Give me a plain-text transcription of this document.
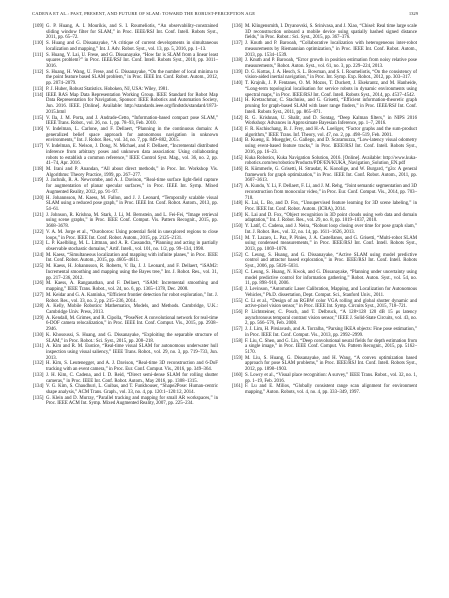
CADENA ET AL.: PAST, PRESENT, AND FUTURE OF SLAM: TOWARD THE ROBUST-PERCEPTION AGE	1329
[109] G. P. Huang, A. I. Mourikis, and S. I. Roumeliotis, “An observability-constrained sliding window filter for SLAM,” in Proc. IEEE/RSJ Int. Conf. Intell. Robots Syst., 2011, pp. 65–72.
[110] S. Huang and G. Dissanayake, “A critique of current developments in simultaneous localization and mapping,” Int. J. Adv. Robot. Syst., vol. 13, pp. 5, 2016, pp. 1–13.
[111] S. Huang, Y. Lai, U. Frese, and G. Dissanayake, “How far is SLAM from a linear least squares problem?” in Proc. IEEE/RSJ Int. Conf. Intell. Robots Syst., 2010, pp. 3011–3016.
[112] S. Huang, H. Wang, U. Frese, and G. Dissanayake, “On the number of local minima to the point feature based SLAM problem,” in Proc. IEEE Int. Conf. Robot. Autom., 2012, pp. 2074–2079.
[113] P. J. Huber, Robust Statistics. Hoboken, NJ, USA: Wiley, 1981.
[114] IEEE RAS Map Data Representation Working Group. IEEE Standard for Robot Map Data Representation for Navigation, Sponsor: IEEE Robotics and Automation Society, Jun. 2016. IEEE. [Online]. Available: http://standards.ieee.org/findstds/standard/1873-2015.html
[115] V. Ila, J. M. Porta, and J. Andrade-Cetto, “Information-based compact pose SLAM,” IEEE Trans. Robot., vol. 26, no. 1, pp. 78–93, Feb. 2010.
[116] V. Indelman, L. Carlone, and F. Dellaert, “Planning in the continuous domain: A generalized belief space approach for autonomous navigation in unknown environments,” Int. J. Robot. Res., vol. 34, no. 7, pp. 849–882, 2015.
[117] V. Indelman, E. Nelson, J. Dong, N. Michael, and F. Dellaert, “Incremental distributed inference from arbitrary poses and unknown data association: Using collaborating robots to establish a common reference,” IEEE Control Syst. Mag., vol. 36, no. 2, pp. 41–74, Apr. 2016.
[118] M. Irani and P. Anandan, “All about direct methods,” in Proc. Int. Workshop Vis. Algorithms: Theory Practice, 1999, pp. 267–277.
[119] J. Jachnik, R. A. Newcombe, and A. J. Davison, “Real-time surface light-field capture for augmentation of planar specular surfaces,” in Proc. IEEE Int. Symp. Mixed Augmented Reality, 2012, pp. 91–97.
[120] H. Johannsson, M. Kaess, M. Fallon, and J. J. Leonard, “Temporally scalable visual SLAM using a reduced pose graph,” in Proc. IEEE Int. Conf. Robot. Autom., 2013, pp. 54–61.
[121] J. Johnson, R. Krishna, M. Stark, J. Li, M. Bernstein, and L. Fei-Fei, “Image retrieval using scene graphs,” in Proc. IEEE Conf. Comput. Vis. Pattern Recognit., 2015, pp. 3668–3678.
[122] V. A. M. Jorge et al., “Ouroboros: Using potential field in unexplored regions to close loops,” in Proc. IEEE Int. Conf. Robot. Autom., 2015, pp. 2125–2131.
[123] L. P. Kaelbling, M. L. Littman, and A. R. Cassandra, “Planning and acting in partially observable stochastic domains,” Artif. Intell., vol. 101, no. 1/2, pp. 99–134, 1998.
[124] M. Kaess, “Simultaneous localization and mapping with infinite planes,” in Proc. IEEE Int. Conf. Robot. Autom., 2015, pp. 4605–4611.
[125] M. Kaess, H. Johannsson, R. Roberts, V. Ila, J. J. Leonard, and F. Dellaert, “iSAM2: Incremental smoothing and mapping using the Bayes tree,” Int. J. Robot. Res., vol. 31, pp. 217–236, 2012.
[126] M. Kaess, A. Ranganathan, and F. Dellaert, “iSAM: Incremental smoothing and mapping,” IEEE Trans. Robot., vol. 24, no. 6, pp. 1365–1378, Dec. 2008.
[127] M. Keidar and G. A. Kaminka, “Efficient frontier detection for robot exploration,” Int. J. Robot. Res., vol. 33, no. 2, pp. 215–236, 2014.
[128] A. Kelly, Mobile Robotics: Mathematics, Models, and Methods. Cambridge, U.K.: Cambridge Univ. Press, 2013.
[129] A. Kendall, M. Grimes, and R. Cipolla, “PoseNet: A convolutional network for real-time 6-DOF camera relocalization,” in Proc. IEEE Int. Conf. Comput. Vis., 2015, pp. 2938–2946.
[130] K. Khosoussi, S. Huang, and G. Dissanayake, “Exploiting the separable structure of SLAM,” in Proc. Robot.: Sci. Syst., 2015, pp. 208–218.
[131] A. Kim and R. M. Eustice, “Real-time visual SLAM for autonomous underwater hull inspection using visual saliency,” IEEE Trans. Robot., vol. 29, no. 3, pp. 719–733, Jun. 2013.
[132] H. Kim, S. Leutenegger, and A. J. Davison, “Real-time 3D reconstruction and 6-DoF tracking with an event camera,” in Proc. Eur. Conf. Comput. Vis., 2016, pp. 349–364.
[133] J. H. Kim, C. Cadena, and I. D. Reid, “Direct semi-dense SLAM for rolling shutter cameras,” in Proc. IEEE Int. Conf. Robot. Autom., May 2016, pp. 1308–1315.
[134] V. G. Kim, S. Chaudhuri, L. Guibas, and T. Funkhouser, “Shape2Pose: Human-centric shape analysis,” ACM Trans. Graph., vol. 33, no. 4, pp. 120:1–120:12, 2014.
[135] G. Klein and D. Murray, “Parallel tracking and mapping for small AR workspaces,” in Proc. IEEE ACM Int. Symp. Mixed Augmented Reality, 2007, pp. 225–234.
[136] M. Klingensmith, I. Dryanovski, S. Srinivasa, and J. Xiao, “Chisel: Real time large scale 3D reconstruction onboard a mobile device using spatially hashed signed distance fields,” in Proc. Robot.: Sci. Syst., 2015, pp. 367–376.
[137] J. Knuth and P. Barooah, “Collaborative localization with heterogeneous inter-robot measurements by Riemannian optimization,” in Proc. IEEE Int. Conf. Robot. Autom., 2013, pp. 1534–1539.
[138] J. Knuth and P. Barooah, “Error growth in position estimation from noisy relative pose measurements,” Robot. Auton. Syst., vol. 61, no. 3, pp. 229–224, 2013.
[139] D. G. Kottas, J. A. Hesch, S. L. Bowman, and S. I. Roumeliotis, “On the consistency of vision-aided inertial navigation,” in Proc. Int. Symp. Exp. Robot., 2012, pp. 303–317.
[140] T. Krajník, J. P. Fentanes, O. M. Mozos, T. Duckett, J. Ekekrantz, and M. Hanheide, “Long-term topological localisation for service robots in dynamic environments using spectral maps,” in Proc. IEEE/RSJ Int. Conf. Intell. Robots Syst., 2014, pp. 4537–4542.
[141] H. Kretzschmar, C. Stachniss, and G. Grisetti, “Efficient information-theoretic graph pruning for graph-based SLAM with laser range finders,” in Proc. IEEE/RSJ Int. Conf. Intell. Robots Syst., 2011, pp. 865–871.
[142] R. G. Krishnan, U. Shalit, and D. Sontag, “Deep Kalman filters,” in NIPS 2016 Workshop: Advances in Approximate Bayesian Inference, pp. 1–7, 2016.
[143] F. R. Kschischang, B. J. Frey, and H.-A. Loeliger, “Factor graphs and the sum-product algorithm,” IEEE Trans. Inf. Theory, vol. 47, no. 2, pp. 498–519, Feb. 2001.
[144] B. Kueng, E. Mueggler, G. Gallego, and D. Scaramuzza, “Low-latency visual odometry using event-based feature tracks,” in Proc. IEEE/RSJ Int. Conf. Intell. Robots Syst., 2016, pp. 16–23.
[145] Kuka Robotics, Kuka Navigation Solution, 2016. [Online]. Available: http://www.kuka-robotics.com/res/robotics/Products/PDF/EN/KUKA_Navigation_Solution_EN.pdf
[146] R. Kümmerle, G. Grisetti, H. Strasdat, K. Konolige, and W. Burgard, “g2o: A general framework for graph optimization,” in Proc. IEEE Int. Conf. Robot. Autom., 2011, pp. 3607–3613.
[147] A. Kundu, Y. Li, F. Dellaert, F. Li, and J. M. Rehg, “Joint semantic segmentation and 3D reconstruction from monocular video,” in Proc. Eur. Conf. Comput. Vis., 2014, pp. 703–718.
[148] K. Lai, L. Bo, and D. Fox, “Unsupervised feature learning for 3D scene labeling,” in Proc. IEEE Int. Conf. Robot. Autom. (ICRA), 2014.
[149] K. Lai and D. Fox, “Object recognition in 3D point clouds using web data and domain adaptation,” Int. J. Robot. Res., vol. 29, no. 8, pp. 1019–1037, 2010.
[150] Y. Latif, C. Cadena, and J. Neira, “Robust loop closing over time for pose graph slam,” Int. J. Robot. Res., vol. 32, no. 14, pp. 1611–1626, 2013.
[151] M. T. Lazaro, L. Paz, P. Pinies, J. A. Castellanos, and G. Grisetti, “Multi-robot SLAM using condensed measurements,” in Proc. IEEE/RSJ Int. Conf. Intell. Robots Syst., 2013, pp. 1069–1076.
[152] C. Leung, S. Huang, and G. Dissanayake, “Active SLAM using model predictive control and attractor based exploration,” in Proc. IEEE/RSJ Int. Conf. Intell. Robots Syst., 2006, pp. 5026–5031.
[153] C. Leung, S. Huang, N. Kwok, and G. Dissanayake, “Planning under uncertainty using model predictive control for information gathering,” Robot. Auton. Syst., vol. 54, no. 11, pp. 898–910, 2006.
[154] J. Levinson, “Automatic Laser Calibration, Mapping, and Localization for Autonomous Vehicles,” Ph.D. dissertation, Dept. Comput. Sci., Stanford Univ., 2011.
[155] C. Li et al., “Design of an RGBW color VGA rolling and global shutter dynamic and active-pixel vision sensor,” in Proc. IEEE Int. Symp. Circuits Syst., 2015, 718–721.
[156] P. Lichtsteiner, C. Posch, and T. Delbruck, “A 128×128 120 dB 15 μs latency asynchronous temporal contrast vision sensor,” IEEE J. Solid-State Circuits, vol. 43, no. 2, pp. 566–576, Feb. 2008.
[157] J. J. Lim, H. Pirsiavash, and A. Torralba, “Parsing IKEA objects: Fine pose estimation,” in Proc. IEEE Int. Conf. Comput. Vis., 2013, pp. 2992–2999.
[158] F. Liu, C. Shen, and G. Lin, “Deep convolutional neural fields for depth estimation from a single image,” in Proc. IEEE Conf. Comput. Vis. Pattern Recognit., 2015, pp. 5162–5170.
[159] M. Liu, S. Huang, G. Dissanayake, and H. Wang, “A convex optimization based approach for pose SLAM problems,” in Proc. IEEE/RSJ Int. Conf. Intell. Robots Syst., 2012, pp. 1898–1903.
[160] S. Lowry et al., “Visual place recognition: A survey,” IEEE Trans. Robot., vol. 32, no. 1, pp. 1–19, Feb. 2016.
[161] F. Lu and E. Milios, “Globally consistent range scan alignment for environment mapping,” Auton. Robots, vol. 4, no. 4, pp. 333–349, 1997.
